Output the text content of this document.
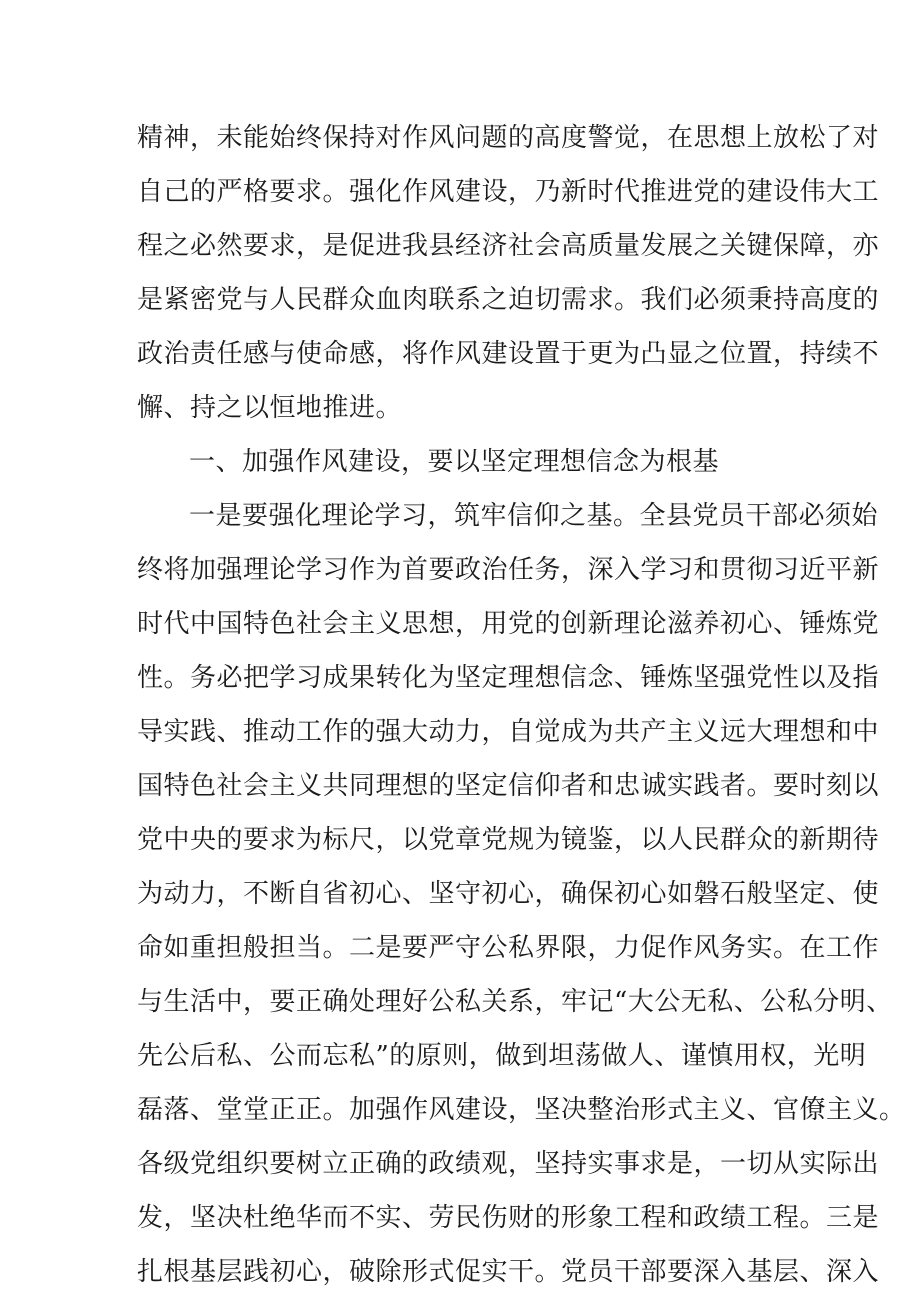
精神，未能始终保持对作风问题的高度警觉，在思想上放松了对
自己的严格要求。强化作风建设，乃新时代推进党的建设伟大工
程之必然要求，是促进我县经济社会高质量发展之关键保障，亦
是紧密党与人民群众血肉联系之迫切需求。我们必须秉持高度的
政治责任感与使命感，将作风建设置于更为凸显之位置，持续不
懈、持之以恒地推进。
一、加强作风建设，要以坚定理想信念为根基
一是要强化理论学习，筑牢信仰之基。全县党员干部必须始
终将加强理论学习作为首要政治任务，深入学习和贯彻习近平新
时代中国特色社会主义思想，用党的创新理论滋养初心、锤炼党
性。务必把学习成果转化为坚定理想信念、锤炼坚强党性以及指
导实践、推动工作的强大动力，自觉成为共产主义远大理想和中
国特色社会主义共同理想的坚定信仰者和忠诚实践者。要时刻以
党中央的要求为标尺，以党章党规为镜鉴，以人民群众的新期待
为动力，不断自省初心、坚守初心，确保初心如磐石般坚定、使
命如重担般担当。二是要严守公私界限，力促作风务实。在工作
与生活中，要正确处理好公私关系，牢记“大公无私、公私分明、
先公后私、公而忘私”的原则，做到坦荡做人、谨慎用权，光明
磊落、堂堂正正。加强作风建设，坚决整治形式主义、官僚主义。
各级党组织要树立正确的政绩观，坚持实事求是，一切从实际出
发，坚决杜绝华而不实、劳民伤财的形象工程和政绩工程。三是
扎根基层践初心，破除形式促实干。党员干部要深入基层、深入
